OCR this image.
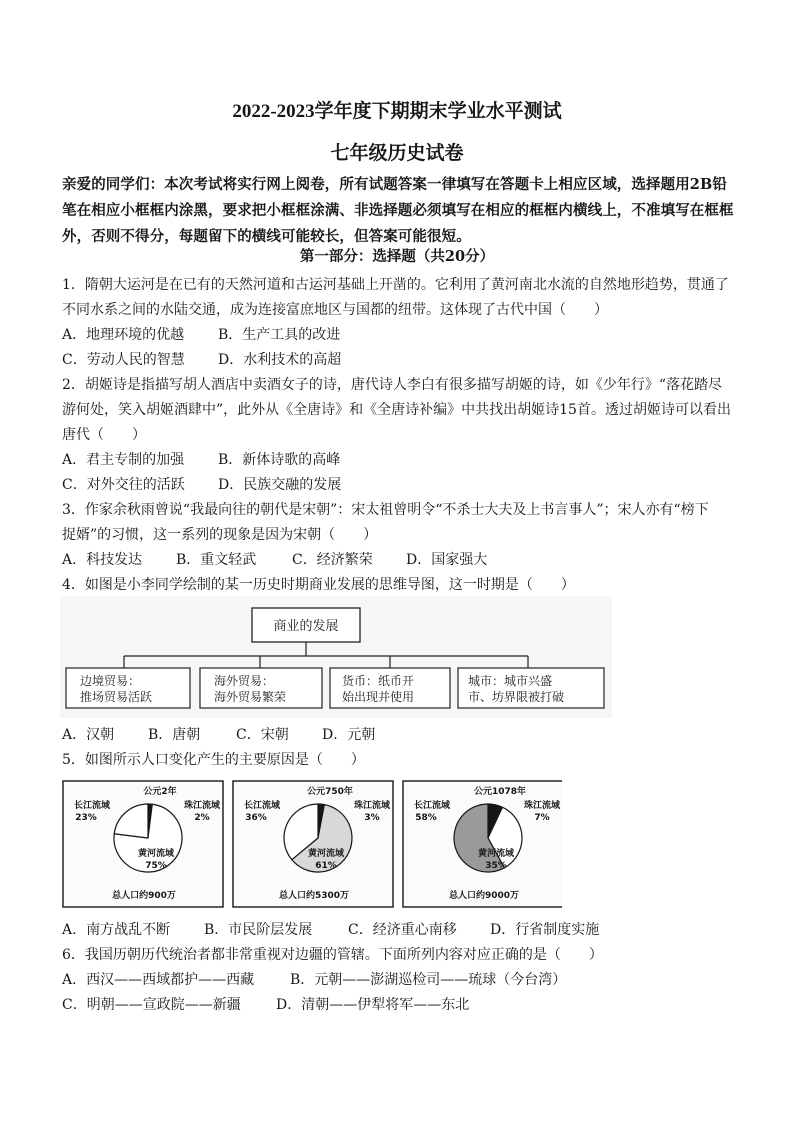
2022-2023学年度下期期末学业水平测试
七年级历史试卷
亲爱的同学们：本次考试将实行网上阅卷，所有试题答案一律填写在答题卡上相应区域，选择题用2B铅笔在相应小框框内涂黑，要求把小框框涂满、非选择题必须填写在相应的框框内横线上，不准填写在框框外，否则不得分，每题留下的横线可能较长，但答案可能很短。
第一部分：选择题（共20分）
1．隋朝大运河是在已有的天然河道和古运河基础上开凿的。它利用了黄河南北水流的自然地形趋势，贯通了
不同水系之间的水陆交通，成为连接富庶地区与国都的纽带。这体现了古代中国（　　）
A．地理环境的优越 B．生产工具的改进
C．劳动人民的智慧 D．水利技术的高超
2．胡姬诗是指描写胡人酒店中卖酒女子的诗，唐代诗人李白有很多描写胡姬的诗，如《少年行》“落花踏尽
游何处，笑入胡姬酒肆中”，此外从《全唐诗》和《全唐诗补编》中共找出胡姬诗15首。透过胡姬诗可以看出
唐代（　　）
A．君主专制的加强 B．新体诗歌的高峰
C．对外交往的活跃 D．民族交融的发展
3．作家余秋雨曾说“我最向往的朝代是宋朝”：宋太祖曾明令“不杀士大夫及上书言事人”；宋人亦有“榜下
捉婿”的习惯，这一系列的现象是因为宋朝（　　）
A．科技发达 B．重文轻武	C．经济繁荣 D．国家强大
4．如图是小李同学绘制的某一历史时期商业发展的思维导图，这一时期是（　　）
商业的发展
边境贸易：
推场贸易活跃
海外贸易：
海外贸易繁荣
货币：纸币开
始出现并使用
城市：城市兴盛
市、坊界限被打破
A．汉朝 B．唐朝	C．宋朝 D．元朝
5．如图所示人口变化产生的主要原因是（　　）
公元2年
长江流域
23%
珠江流域
2%
黄河流域
75%
总人口约900万
公元750年
长江流域
36%
珠江流域
3%
黄河流域
61%
总人口约5300万
公元1078年
长江流域
58%
珠江流域
7%
黄河流域
35%
总人口约9000万
A．南方战乱不断 B．市民阶层发展	C．经济重心南移 D．行省制度实施
6．我国历朝历代统治者都非常重视对边疆的管辖。下面所列内容对应正确的是（　　）
A．西汉——西域都护——西藏	B．元朝——澎湖巡检司——琉球（今台湾）
C．明朝——宣政院——新疆	D．清朝——伊犁将军——东北
